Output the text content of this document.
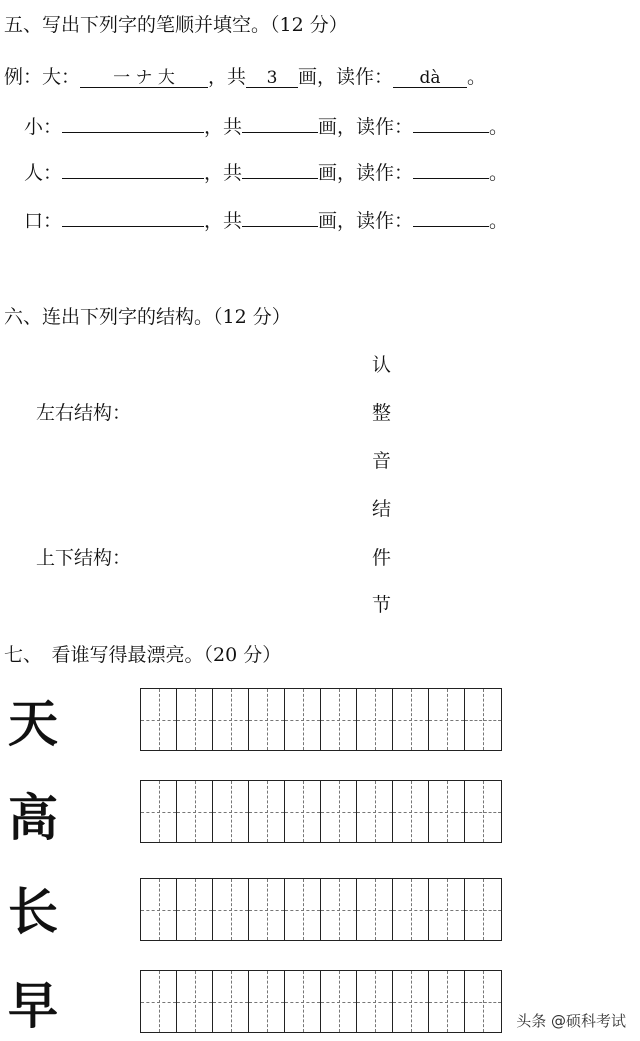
五、写出下列字的笔顺并填空。（12 分）
例：大： 一 ナ 大 ，共 3 画，读作： dà 。
小：	，共	画，读作：	。
人：	，共	画，读作：	。
口：	，共	画，读作：	。
六、连出下列字的结构。（12 分）
左右结构：
上下结构：
认
整
音
结
件
节
七、　看谁写得最漂亮。（20 分）
天
高
长
早	头条 @硕科考试
